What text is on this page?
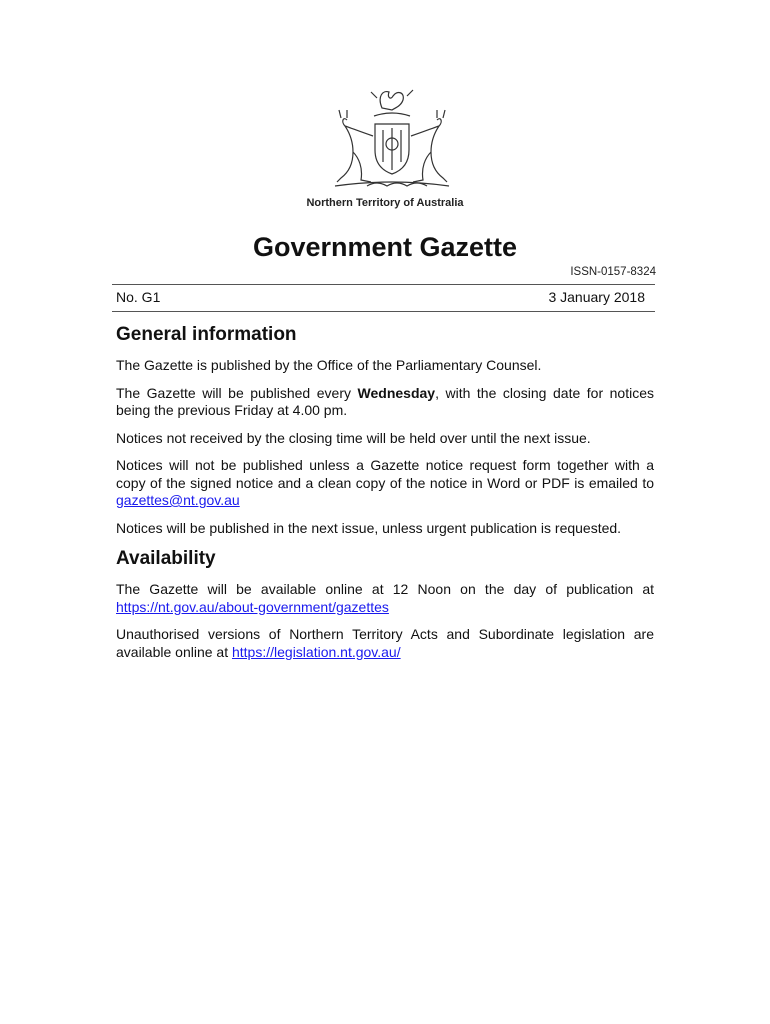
Northern Territory of Australia
Government Gazette
ISSN-0157-8324
No. G1	3 January 2018
General information

The Gazette is published by the Office of the Parliamentary Counsel.

The Gazette will be published every Wednesday, with the closing date for notices being the previous Friday at 4.00 pm.

Notices not received by the closing time will be held over until the next issue.

Notices will not be published unless a Gazette notice request form together with a copy of the signed notice and a clean copy of the notice in Word or PDF is emailed to gazettes@nt.gov.au

Notices will be published in the next issue, unless urgent publication is requested.

Availability

The Gazette will be available online at 12 Noon on the day of publication at https://nt.gov.au/about-government/gazettes

Unauthorised versions of Northern Territory Acts and Subordinate legislation are available online at https://legislation.nt.gov.au/
